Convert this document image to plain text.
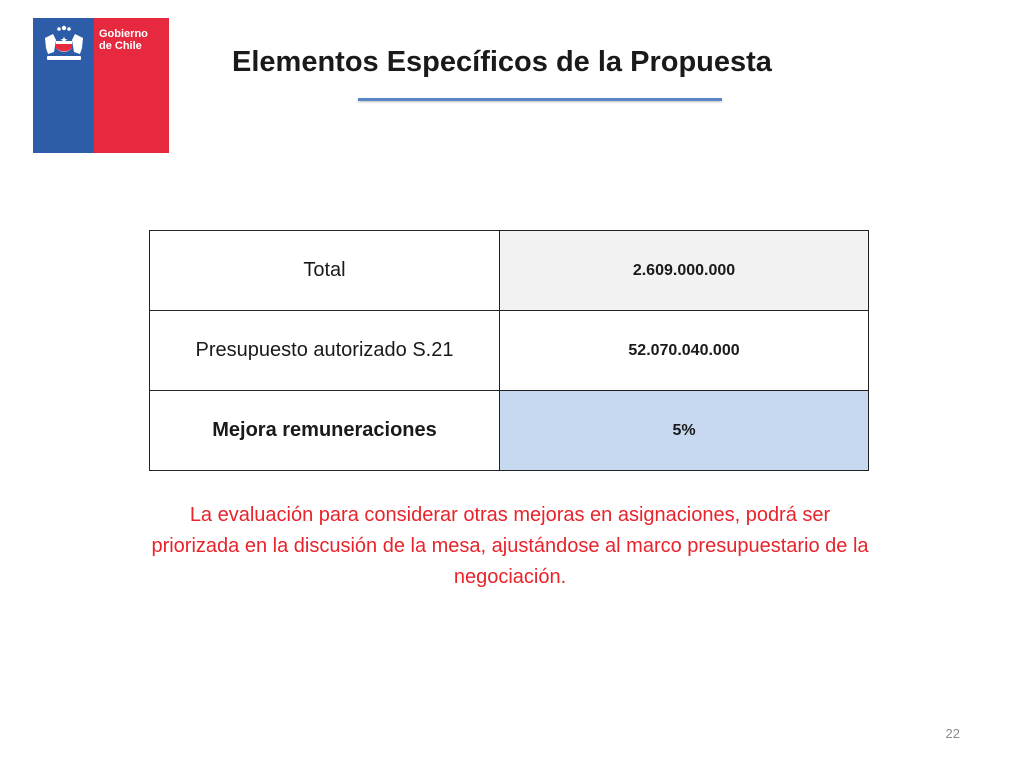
Gobierno
de Chile	Elementos Específicos de la Propuesta
Total	2.609.000.000
Presupuesto autorizado S.21	52.070.040.000
Mejora remuneraciones	5%
La evaluación para considerar otras mejoras en asignaciones, podrá ser priorizada en la discusión de la mesa, ajustándose al marco presupuestario de la negociación.
22
